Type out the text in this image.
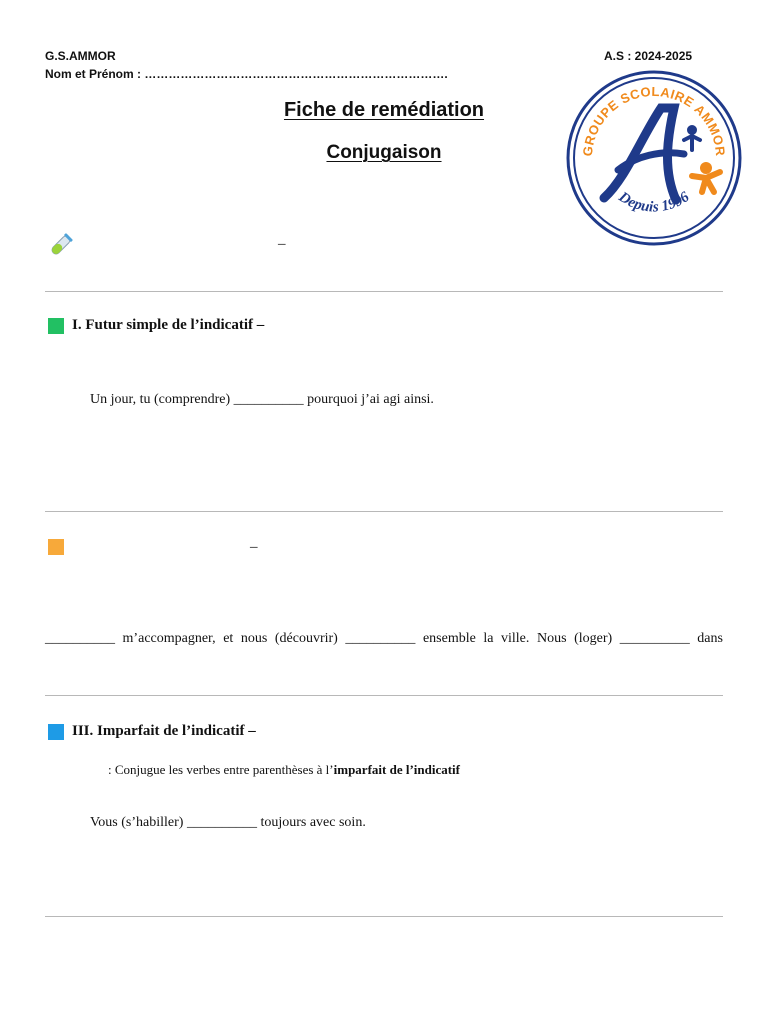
G.S.AMMOR
Nom et Prénom : ………………………………………………………………….
A.S : 2024-2025
Fiche de remédiation
Conjugaison	GROUPE SCOLAIRE AMMOR
Depuis 1996
–
I. Futur simple de l’indicatif –
Un jour, tu (comprendre) __________ pourquoi j’ai agi ainsi.
–
__________ m’accompagner, et nous (découvrir) __________ ensemble la ville. Nous (loger) __________ dans
III. Imparfait de l’indicatif –
: Conjugue les verbes entre parenthèses à l’imparfait de l’indicatif
Vous (s’habiller) __________ toujours avec soin.
